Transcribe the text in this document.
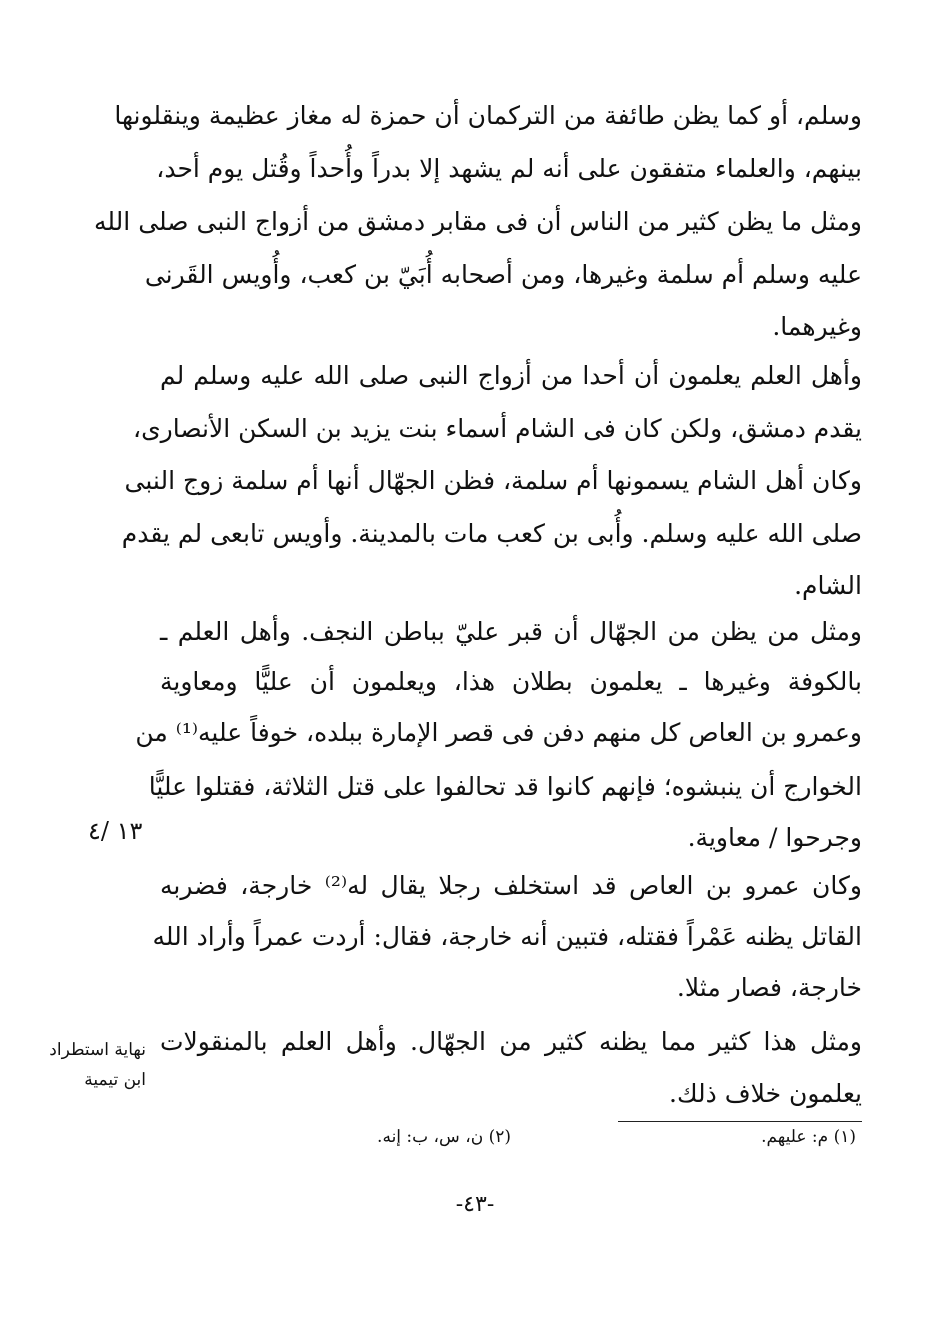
وسلم، أو كما يظن طائفة من التركمان أن حمزة له مغاز عظيمة وينقلونها
بينهم، والعلماء متفقون على أنه لم يشهد إلا بدراً وأُحداً وقُتل يوم أحد،
ومثل ما يظن كثير من الناس أن فى مقابر دمشق من أزواج النبى صلى الله
عليه وسلم أم سلمة وغيرها، ومن أصحابه أُبَيّ بن كعب، وأُويس القَرنى
وغيرهما.
وأهل العلم يعلمون أن أحدا من أزواج النبى صلى الله عليه وسلم لم
يقدم دمشق، ولكن كان فى الشام أسماء بنت يزيد بن السكن الأنصارى،
وكان أهل الشام يسمونها أم سلمة، فظن الجهّال أنها أم سلمة زوج النبى
صلى الله عليه وسلم. وأُبى بن كعب مات بالمدينة. وأويس تابعى لم يقدم
الشام.
ومثل من يظن من الجهّال أن قبر عليّ بباطن النجف. وأهل العلم ـ
بالكوفة وغيرها ـ يعلمون بطلان هذا، ويعلمون أن عليًّا ومعاوية
وعمرو بن العاص كل منهم دفن فى قصر الإمارة ببلده، خوفاً عليه⁽¹⁾ من
الخوارج أن ينبشوه؛ فإنهم كانوا قد تحالفوا على قتل الثلاثة، فقتلوا عليًّا
وجرحوا / معاوية.
وكان عمرو بن العاص قد استخلف رجلا يقال له⁽²⁾ خارجة، فضربه
القاتل يظنه عَمْراً فقتله، فتبين أنه خارجة، فقال: أردت عمراً وأراد الله
خارجة، فصار مثلا.
ومثل هذا كثير مما يظنه كثير من الجهّال. وأهل العلم بالمنقولات
يعلمون خلاف ذلك.
١٣ /٤
نهاية استطراد
ابن تيمية
(١) م: عليهم.
(٢) ن، س، ب: إنه.
-٤٣-
